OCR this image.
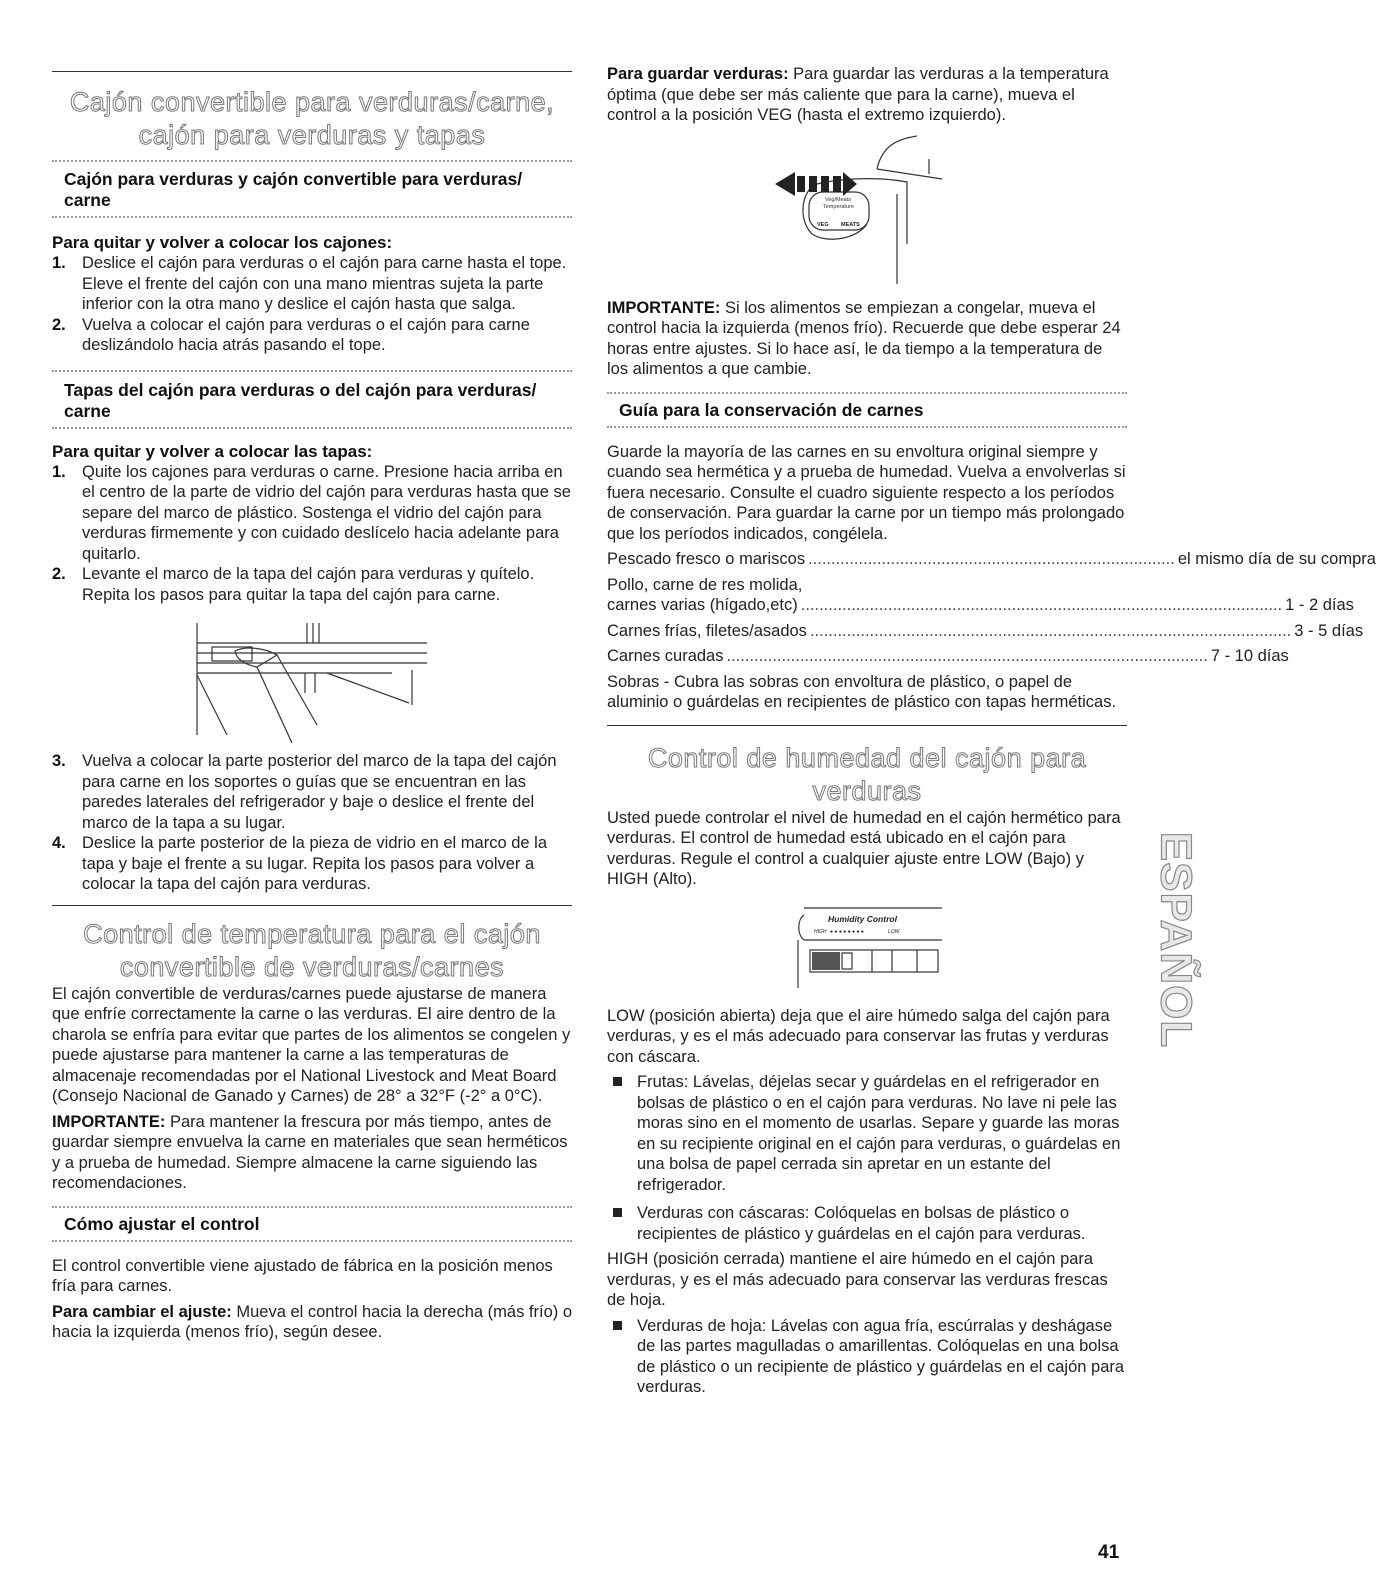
Cajón convertible para verduras/carne,
cajón para verduras y tapas
Cajón para verduras y cajón convertible para verduras/
carne
Para quitar y volver a colocar los cajones:
1. Deslice el cajón para verduras o el cajón para carne hasta el tope. Eleve el frente del cajón con una mano mientras sujeta la parte inferior con la otra mano y deslice el cajón hasta que salga.
2. Vuelva a colocar el cajón para verduras o el cajón para carne deslizándolo hacia atrás pasando el tope.
Tapas del cajón para verduras o del cajón para verduras/
carne
Para quitar y volver a colocar las tapas:
1. Quite los cajones para verduras o carne. Presione hacia arriba en el centro de la parte de vidrio del cajón para verduras hasta que se separe del marco de plástico. Sostenga el vidrio del cajón para verduras firmemente y con cuidado deslícelo hacia adelante para quitarlo.
2. Levante el marco de la tapa del cajón para verduras y quítelo. Repita los pasos para quitar la tapa del cajón para carne.
3. Vuelva a colocar la parte posterior del marco de la tapa del cajón para carne en los soportes o guías que se encuentran en las paredes laterales del refrigerador y baje o deslice el frente del marco de la tapa a su lugar.
4. Deslice la parte posterior de la pieza de vidrio en el marco de la tapa y baje el frente a su lugar. Repita los pasos para volver a colocar la tapa del cajón para verduras.
Control de temperatura para el cajón
convertible de verduras/carnes

El cajón convertible de verduras/carnes puede ajustarse de manera que enfríe correctamente la carne o las verduras. El aire dentro de la charola se enfría para evitar que partes de los alimentos se congelen y puede ajustarse para mantener la carne a las temperaturas de almacenaje recomendadas por el National Livestock and Meat Board (Consejo Nacional de Ganado y Carnes) de 28° a 32°F (-2° a 0°C).

IMPORTANTE: Para mantener la frescura por más tiempo, antes de guardar siempre envuelva la carne en materiales que sean herméticos y a prueba de humedad. Siempre almacene la carne siguiendo las recomendaciones.

Cómo ajustar el control

El control convertible viene ajustado de fábrica en la posición menos fría para carnes.

Para cambiar el ajuste: Mueva el control hacia la derecha (más frío) o hacia la izquierda (menos frío), según desee.

Para guardar verduras: Para guardar las verduras a la temperatura óptima (que debe ser más caliente que para la carne), mueva el control a la posición VEG (hasta el extremo izquierdo).

Veg/Meats
Temperature
VEG MEATS

IMPORTANTE: Si los alimentos se empiezan a congelar, mueva el control hacia la izquierda (menos frío). Recuerde que debe esperar 24 horas entre ajustes. Si lo hace así, le da tiempo a la temperatura de los alimentos a que cambie.

Guía para la conservación de carnes

Guarde la mayoría de las carnes en su envoltura original siempre y cuando sea hermética y a prueba de humedad. Vuelva a envolverlas si fuera necesario. Consulte el cuadro siguiente respecto a los períodos de conservación. Para guardar la carne por un tiempo más prolongado que los períodos indicados, congélela.

Pescado fresco o mariscos ................................................................................ el mismo día de su compra
Pollo, carne de res molida,
carnes varias (hígado,etc) ......................................................................................................... 1 - 2 días
Carnes frías, filetes/asados ......................................................................................................... 3 - 5 días
Carnes curadas ......................................................................................................... 7 - 10 días

Sobras - Cubra las sobras con envoltura de plástico, o papel de aluminio o guárdelas en recipientes de plástico con tapas herméticas.

Control de humedad del cajón para
verduras

Usted puede controlar el nivel de humedad en el cajón hermético para verduras. El control de humedad está ubicado en el cajón para verduras. Regule el control a cualquier ajuste entre LOW (Bajo) y HIGH (Alto).

Humidity Control
HIGH ● ● ● ● ● ● ● ●	LOW

LOW (posición abierta) deja que el aire húmedo salga del cajón para verduras, y es el más adecuado para conservar las frutas y verduras con cáscara.

Frutas: Lávelas, déjelas secar y guárdelas en el refrigerador en bolsas de plástico o en el cajón para verduras. No lave ni pele las moras sino en el momento de usarlas. Separe y guarde las moras en su recipiente original en el cajón para verduras, o guárdelas en una bolsa de papel cerrada sin apretar en un estante del refrigerador.
Verduras con cáscaras: Colóquelas en bolsas de plástico o recipientes de plástico y guárdelas en el cajón para verduras.

HIGH (posición cerrada) mantiene el aire húmedo en el cajón para verduras, y es el más adecuado para conservar las verduras frescas de hoja.

Verduras de hoja: Lávelas con agua fría, escúrralas y deshágase de las partes magulladas o amarillentas. Colóquelas en una bolsa de plástico o un recipiente de plástico y guárdelas en el cajón para verduras.
ESPAÑOL
41
